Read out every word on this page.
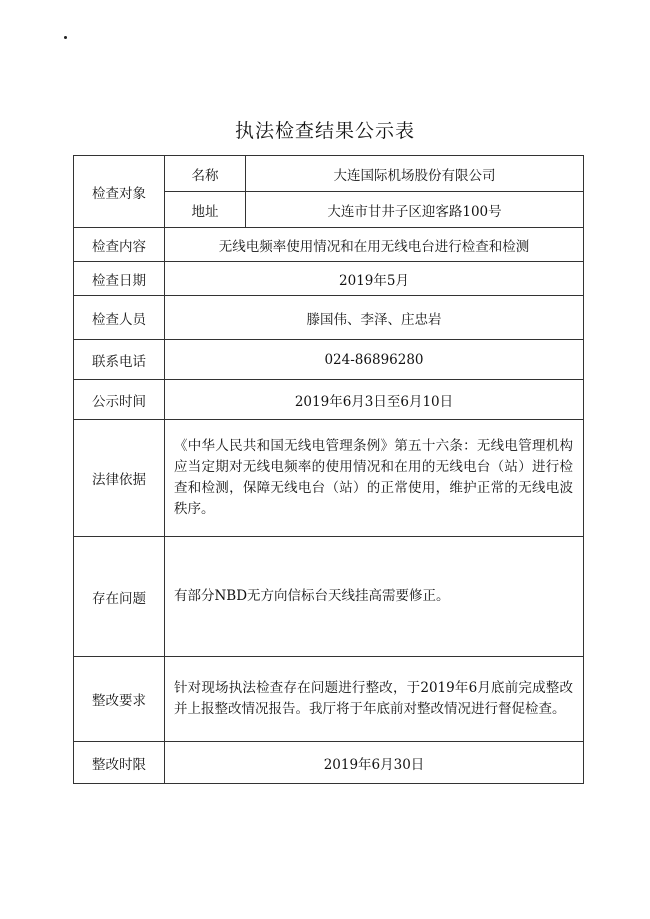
执法检查结果公示表
检查对象	名称	大连国际机场股份有限公司
	地址	大连市甘井子区迎客路100号
检查内容	无线电频率使用情况和在用无线电台进行检查和检测	
检查日期	2019年5月	
检查人员	滕国伟、李泽、庄忠岩	
联系电话	024-86896280	
公示时间	2019年6月3日至6月10日	
法律依据	《中华人民共和国无线电管理条例》第五十六条：无线电管理机构应当定期对无线电频率的使用情况和在用的无线电台（站）进行检查和检测，保障无线电台（站）的正常使用，维护正常的无线电波秩序。	
存在问题	有部分NBD无方向信标台天线挂高需要修正。	
整改要求	针对现场执法检查存在问题进行整改，于2019年6月底前完成整改并上报整改情况报告。我厅将于年底前对整改情况进行督促检查。	
整改时限	2019年6月30日	
